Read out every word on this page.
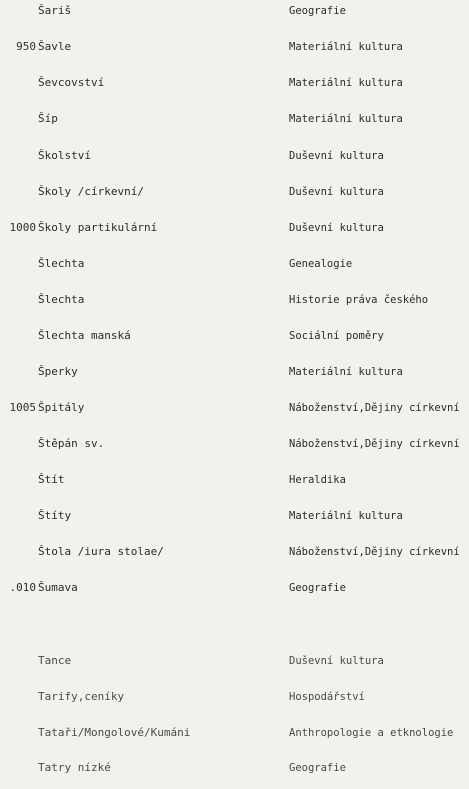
Šariš	Geografie
950 Šavle	Materiální kultura
Ševcovství	Materiální kultura
Šíp	Materiální kultura
Školství	Duševní kultura
Školy /církevní/	Duševní kultura
1000 Školy partikulární	Duševní kultura
Šlechta	Genealogie
Šlechta	Historie práva českého
Šlechta manská	Sociální poměry
Šperky	Materiální kultura
1005 Špitály	Náboženství,Dějiny církevní
Štěpán sv.	Náboženství,Dějiny církevní
Štít	Heraldika
Štíty	Materiální kultura
Štola /iura stolae/	Náboženství,Dějiny církevní
.010 Šumava	Geografie
Tance	Duševní kultura
Tarify,ceníky	Hospodářství
Tataři/Mongolové/Kumáni	Anthropologie a etknologie
Tatry nízké	Geografie
